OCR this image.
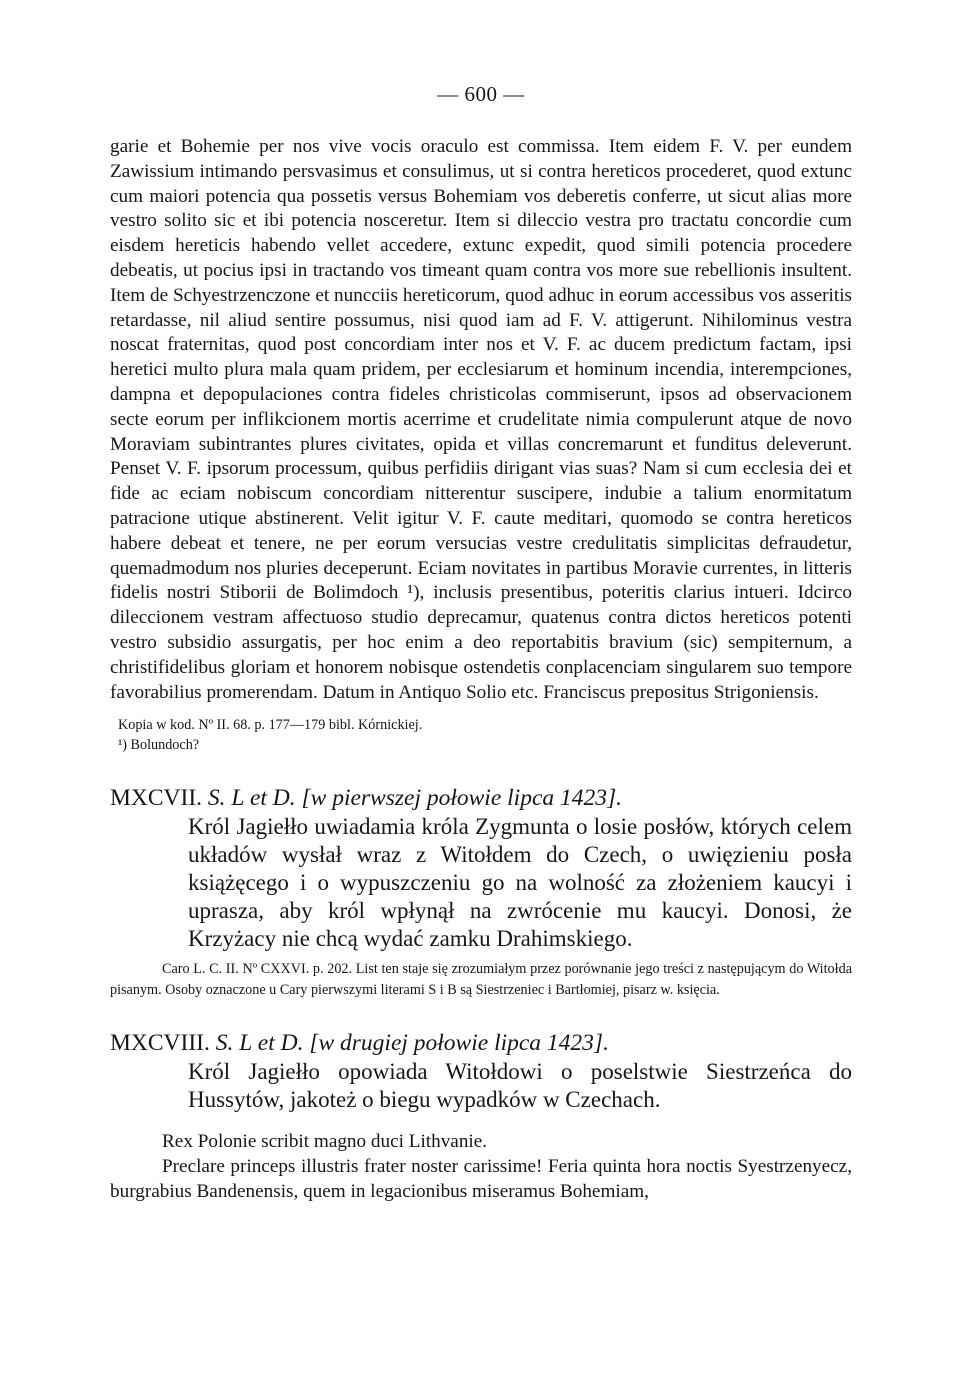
— 600 —

garie et Bohemie per nos vive vocis oraculo est commissa. Item eidem F. V. per eundem Zawissium intimando persvasimus et consulimus, ut si contra hereticos procederet, quod extunc cum maiori potencia qua possetis versus Bohemiam vos deberetis conferre, ut sicut alias more vestro solito sic et ibi potencia nosceretur. Item si dileccio vestra pro tractatu concordie cum eisdem hereticis habendo vellet accedere, extunc expedit, quod simili potencia procedere debeatis, ut pocius ipsi in tractando vos timeant quam contra vos more sue rebellionis insultent. Item de Schyestrzenczone et nuncciis hereticorum, quod adhuc in eorum accessibus vos asseritis retardasse, nil aliud sentire possumus, nisi quod iam ad F. V. attigerunt. Nihilominus vestra noscat fraternitas, quod post concordiam inter nos et V. F. ac ducem predictum factam, ipsi heretici multo plura mala quam pridem, per ecclesiarum et hominum incendia, interempciones, dampna et depopulaciones contra fideles christicolas commiserunt, ipsos ad observacionem secte eorum per inflikcionem mortis acerrime et crudelitate nimia compulerunt atque de novo Moraviam subintrantes plures civitates, opida et villas concremarunt et funditus deleverunt. Penset V. F. ipsorum processum, quibus perfidiis dirigant vias suas? Nam si cum ecclesia dei et fide ac eciam nobiscum concordiam nitterentur suscipere, indubie a talium enormitatum patracione utique abstinerent. Velit igitur V. F. caute meditari, quomodo se contra hereticos habere debeat et tenere, ne per eorum versucias vestre credulitatis simplicitas defraudetur, quemadmodum nos pluries deceperunt. Eciam novitates in partibus Moravie currentes, in litteris fidelis nostri Stiborii de Bolimdoch ¹), inclusis presentibus, poteritis clarius intueri. Idcirco dileccionem vestram affectuoso studio deprecamur, quatenus contra dictos hereticos potenti vestro subsidio assurgatis, per hoc enim a deo reportabitis bravium (sic) sempiternum, a christifidelibus gloriam et honorem nobisque ostendetis conplacenciam singularem suo tempore favorabilius promerendam. Datum in Antiquo Solio etc. Franciscus prepositus Strigoniensis.

Kopia w kod. Nº II. 68. p. 177—179 bibl. Kórnickiej.

¹) Bolundoch?

MXCVII. S. L et D. [w pierwszej połowie lipca 1423].

Król Jagiełło uwiadamia króla Zygmunta o losie posłów, których celem układów wysłał wraz z Witołdem do Czech, o uwięzieniu posła książęcego i o wypuszczeniu go na wolność za złożeniem kaucyi i uprasza, aby król wpłynął na zwrócenie mu kaucyi. Donosi, że Krzyżacy nie chcą wydać zamku Drahimskiego.

Caro L. C. II. Nº CXXVI. p. 202. List ten staje się zrozumiałym przez porównanie jego treści z następującym do Witołda pisanym. Osoby oznaczone u Cary pierwszymi literami S i B są Siestrzeniec i Bartłomiej, pisarz w. księcia.

MXCVIII. S. L et D. [w drugiej połowie lipca 1423].

Król Jagiełło opowiada Witołdowi o poselstwie Siestrzeńca do Hussytów, jakoteż o biegu wypadków w Czechach.

Rex Polonie scribit magno duci Lithvanie.

Preclare princeps illustris frater noster carissime! Feria quinta hora noctis Syestrzenyecz, burgrabius Bandenensis, quem in legacionibus miseramus Bohemiam,
